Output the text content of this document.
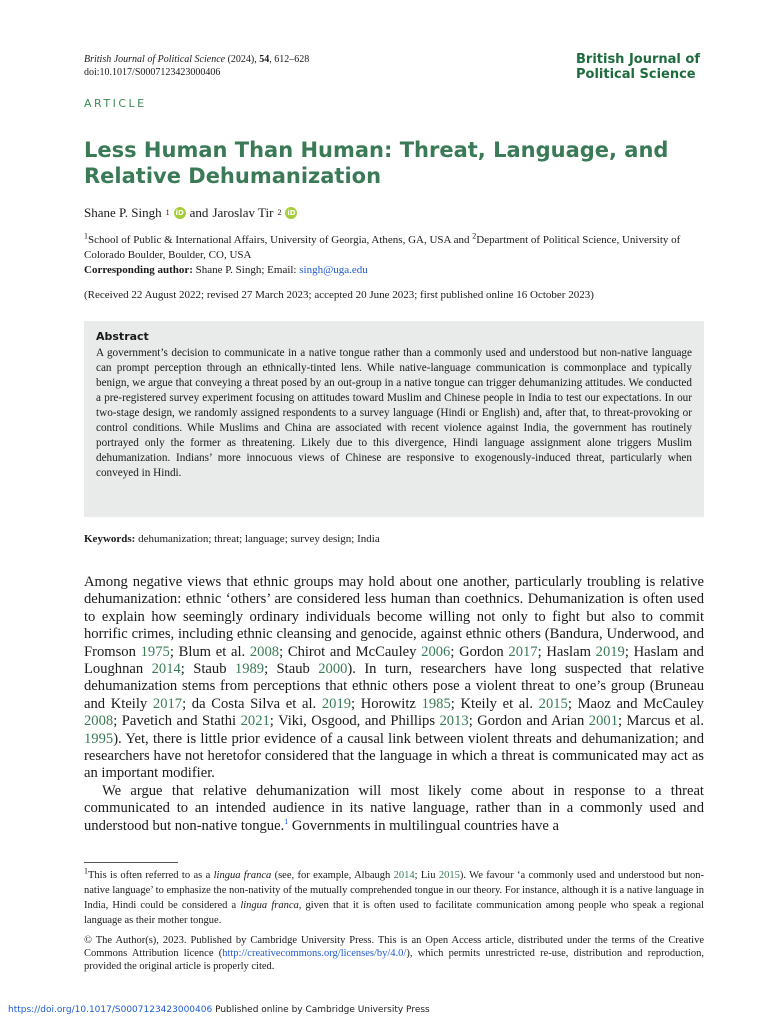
British Journal of Political Science (2024), 54, 612–628
doi:10.1017/S0007123423000406
British Journal of
Political Science
ARTICLE
Less Human Than Human: Threat, Language, and Relative Dehumanization
Shane P. Singh 1 iD and Jaroslav Tir 2 iD
$^1$School of Public & International Affairs, University of Georgia, Athens, GA, USA and $^2$Department of Political Science, University of Colorado Boulder, Boulder, CO, USA
Corresponding author: Shane P. Singh; Email: singh@uga.edu
(Received 22 August 2022; revised 27 March 2023; accepted 20 June 2023; first published online 16 October 2023)
Abstract
A government’s decision to communicate in a native tongue rather than a commonly used and understood but non-native language can prompt perception through an ethnically-tinted lens. While native-language communication is commonplace and typically benign, we argue that conveying a threat posed by an out-group in a native tongue can trigger dehumanizing attitudes. We conducted a pre-registered survey experiment focusing on attitudes toward Muslim and Chinese people in India to test our expectations. In our two-stage design, we randomly assigned respondents to a survey language (Hindi or English) and, after that, to threat-provoking or control conditions. While Muslims and China are associated with recent violence against India, the government has routinely portrayed only the former as threatening. Likely due to this divergence, Hindi language assignment alone triggers Muslim dehumanization. Indians’ more innocuous views of Chinese are responsive to exogenously-induced threat, particularly when conveyed in Hindi.
Keywords: dehumanization; threat; language; survey design; India

Among negative views that ethnic groups may hold about one another, particularly troubling is relative dehumanization: ethnic ‘others’ are considered less human than coethnics. Dehumanization is often used to explain how seemingly ordinary individuals become willing not only to fight but also to commit horrific crimes, including ethnic cleansing and genocide, against ethnic others (Bandura, Underwood, and Fromson 1975; Blum et al. 2008; Chirot and McCauley 2006; Gordon 2017; Haslam 2019; Haslam and Loughnan 2014; Staub 1989; Staub 2000). In turn, researchers have long suspected that relative dehumanization stems from perceptions that ethnic others pose a violent threat to one’s group (Bruneau and Kteily 2017; da Costa Silva et al. 2019; Horowitz 1985; Kteily et al. 2015; Maoz and McCauley 2008; Pavetich and Stathi 2021; Viki, Osgood, and Phillips 2013; Gordon and Arian 2001; Marcus et al. 1995). Yet, there is little prior evidence of a causal link between violent threats and dehumanization; and researchers have not heretofor considered that the language in which a threat is communicated may act as an important modifier.

We argue that relative dehumanization will most likely come about in response to a threat communicated to an intended audience in its native language, rather than in a commonly used and understood but non-native tongue.$^1$ Governments in multilingual countries have a

$^1$This is often referred to as a lingua franca (see, for example, Albaugh 2014; Liu 2015). We favour ‘a commonly used and understood but non-native language’ to emphasize the non-nativity of the mutually comprehended tongue in our theory. For instance, although it is a native language in India, Hindi could be considered a lingua franca, given that it is often used to facilitate communication among people who speak a regional language as their mother tongue.
© The Author(s), 2023. Published by Cambridge University Press. This is an Open Access article, distributed under the terms of the Creative Commons Attribution licence (http://creativecommons.org/licenses/by/4.0/), which permits unrestricted re-use, distribution and reproduction, provided the original article is properly cited.
https://doi.org/10.1017/S0007123423000406 Published online by Cambridge University Press
